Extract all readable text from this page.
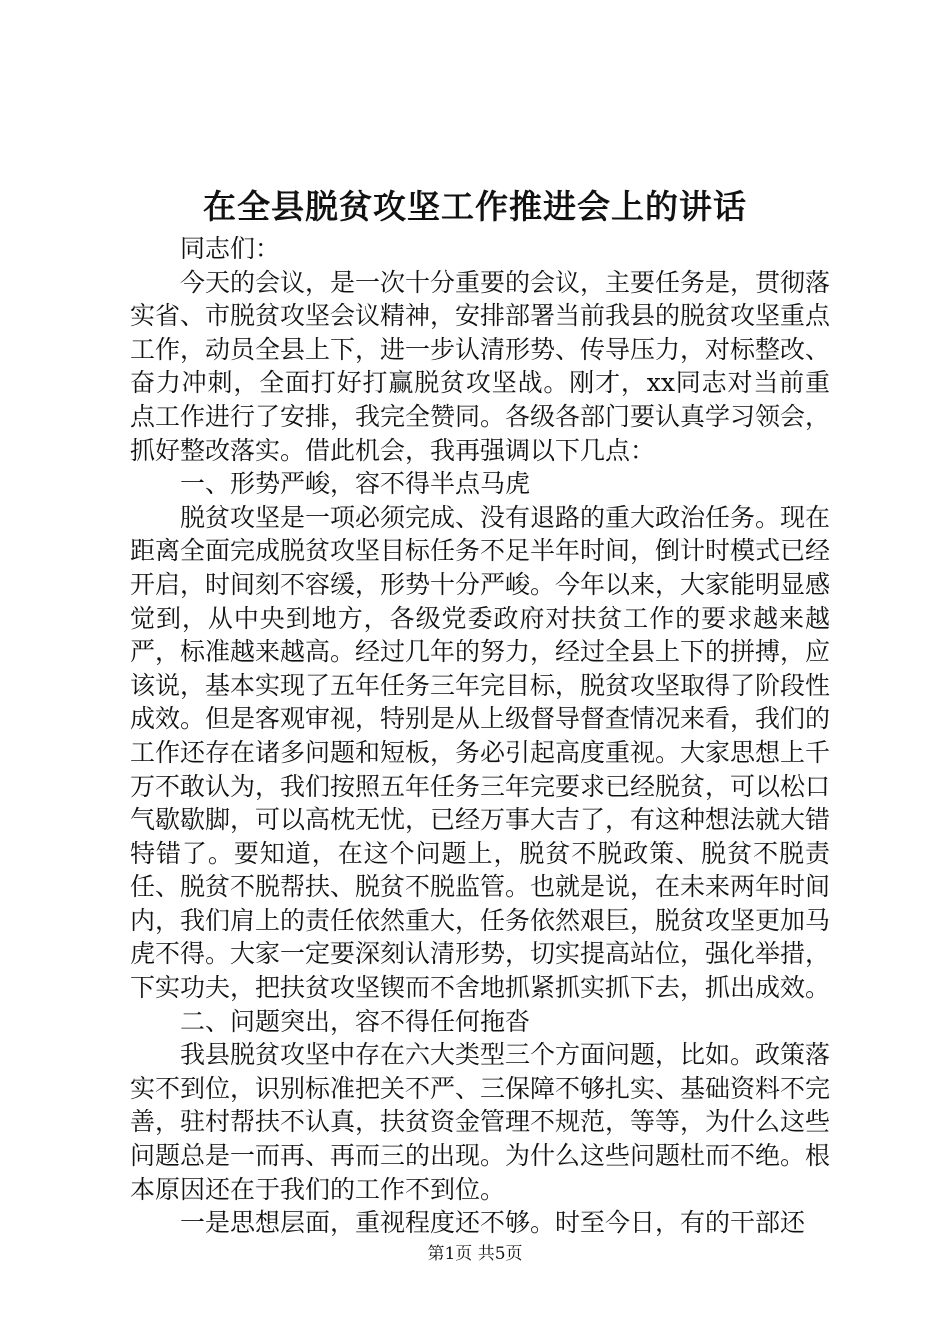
在全县脱贫攻坚工作推进会上的讲话

同志们：

今天的会议，是一次十分重要的会议，主要任务是，贯彻落实省、市脱贫攻坚会议精神，安排部署当前我县的脱贫攻坚重点工作，动员全县上下，进一步认清形势、传导压力，对标整改、奋力冲刺，全面打好打赢脱贫攻坚战。刚才，xx同志对当前重点工作进行了安排，我完全赞同。各级各部门要认真学习领会，抓好整改落实。借此机会，我再强调以下几点：

一、形势严峻，容不得半点马虎

脱贫攻坚是一项必须完成、没有退路的重大政治任务。现在距离全面完成脱贫攻坚目标任务不足半年时间，倒计时模式已经开启，时间刻不容缓，形势十分严峻。今年以来，大家能明显感觉到，从中央到地方，各级党委政府对扶贫工作的要求越来越严，标准越来越高。经过几年的努力，经过全县上下的拼搏，应该说，基本实现了五年任务三年完目标，脱贫攻坚取得了阶段性成效。但是客观审视，特别是从上级督导督查情况来看，我们的工作还存在诸多问题和短板，务必引起高度重视。大家思想上千万不敢认为，我们按照五年任务三年完要求已经脱贫，可以松口气歇歇脚，可以高枕无忧，已经万事大吉了，有这种想法就大错特错了。要知道，在这个问题上，脱贫不脱政策、脱贫不脱责任、脱贫不脱帮扶、脱贫不脱监管。也就是说，在未来两年时间内，我们肩上的责任依然重大，任务依然艰巨，脱贫攻坚更加马虎不得。大家一定要深刻认清形势，切实提高站位，强化举措，下实功夫，把扶贫攻坚锲而不舍地抓紧抓实抓下去，抓出成效。

二、问题突出，容不得任何拖沓

我县脱贫攻坚中存在六大类型三个方面问题，比如。政策落实不到位，识别标准把关不严、三保障不够扎实、基础资料不完善，驻村帮扶不认真，扶贫资金管理不规范，等等，为什么这些问题总是一而再、再而三的出现。为什么这些问题杜而不绝。根本原因还在于我们的工作不到位。

一是思想层面，重视程度还不够。时至今日，有的干部还

第1页 共5页
